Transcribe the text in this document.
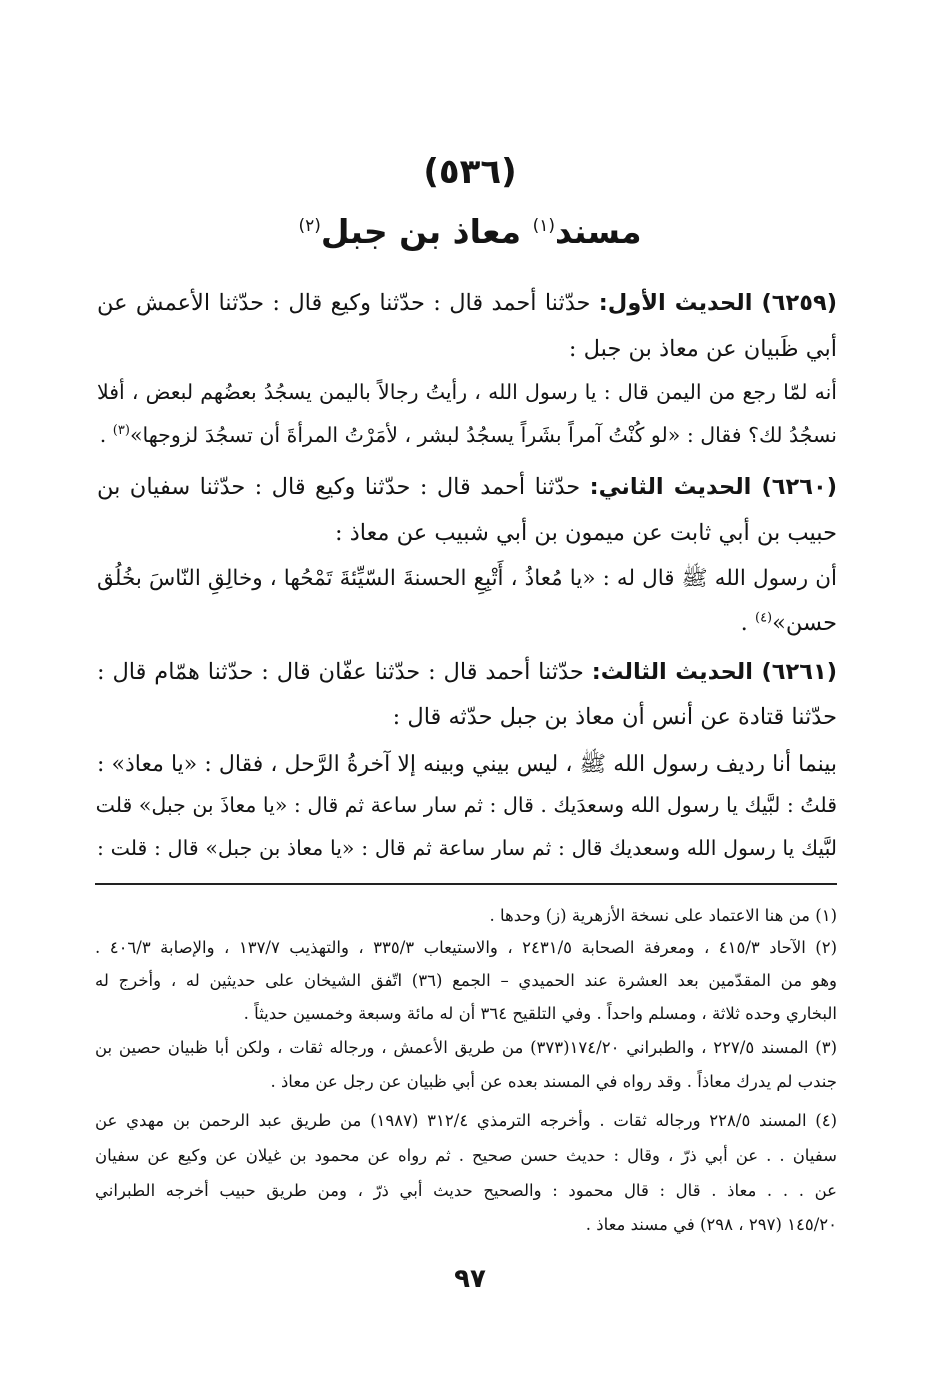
(٥٣٦)
مسند$^{(١)}$ معاذ بن جبل$^{(٢)}$
(٦٢٥٩) الحديث الأول: حدّثنا أحمد قال : حدّثنا وكيع قال : حدّثنا الأعمش عن
أبي ظَبيان عن معاذ بن جبل :
أنه لمّا رجع من اليمن قال : يا رسول الله ، رأيتُ رجالاً باليمن يسجُدُ بعضُهم لبعض ، أفلا
نسجُدُ لك؟ فقال : «لو كُنْتُ آمراً بشَراً يسجُدُ لبشر ، لأمَرْتُ المرأةَ أن تسجُدَ لزوجها»$^{(٣)}$ .
(٦٢٦٠) الحديث الثاني: حدّثنا أحمد قال : حدّثنا وكيع قال : حدّثنا سفيان بن
حبيب بن أبي ثابت عن ميمون بن أبي شبيب عن معاذ :
أن رسول الله ﷺ قال له : «يا مُعاذُ ، أَتْبِعِ الحسنةَ السّيِّئةَ تَمْحُها ، وخالِقِ النّاسَ بخُلُق
حسن»$^{(٤)}$ .
(٦٢٦١) الحديث الثالث: حدّثنا أحمد قال : حدّثنا عفّان قال : حدّثنا همّام قال :
حدّثنا قتادة عن أنس أن معاذ بن جبل حدّثه قال :
بينما أنا رديف رسول الله ﷺ ، ليس بيني وبينه إلا آخرةُ الرَّحل ، فقال : «يا معاذ» :
قلتُ : لبَّيك يا رسول الله وسعدَيك . قال : ثم سار ساعة ثم قال : «يا معاذَ بن جبل» قلت
لبَّيك يا رسول الله وسعديك قال : ثم سار ساعة ثم قال : «يا معاذ بن جبل» قال : قلت :
(١) من هنا الاعتماد على نسخة الأزهرية (ز) وحدها .
(٢) الآحاد ٤١٥/٣ ، ومعرفة الصحابة ٢٤٣١/٥ ، والاستيعاب ٣٣٥/٣ ، والتهذيب ١٣٧/٧ ، والإصابة ٤٠٦/٣ .
وهو من المقدّمين بعد العشرة عند الحميدي – الجمع (٣٦) اتّفق الشيخان على حديثين له ، وأخرج له
البخاري وحده ثلاثة ، ومسلم واحداً . وفي التلقيح ٣٦٤ أن له مائة وسبعة وخمسين حديثاً .
(٣) المسند ٢٢٧/٥ ، والطبراني ١٧٤/٢٠(٣٧٣) من طريق الأعمش ، ورجاله ثقات ، ولكن أبا ظبيان حصين بن
جندب لم يدرك معاذاً . وقد رواه في المسند بعده عن أبي ظبيان عن رجل عن معاذ .
(٤) المسند ٢٢٨/٥ ورجاله ثقات . وأخرجه الترمذي ٣١٢/٤ (١٩٨٧) من طريق عبد الرحمن بن مهدي عن
سفيان . . عن أبي ذرّ ، وقال : حديث حسن صحيح . ثم رواه عن محمود بن غيلان عن وكيع عن سفيان
عن . . . معاذ . قال : قال محمود : والصحيح حديث أبي ذرّ ، ومن طريق حبيب أخرجه الطبراني
١٤٥/٢٠ (٢٩٧ ، ٢٩٨) في مسند معاذ .
٩٧
